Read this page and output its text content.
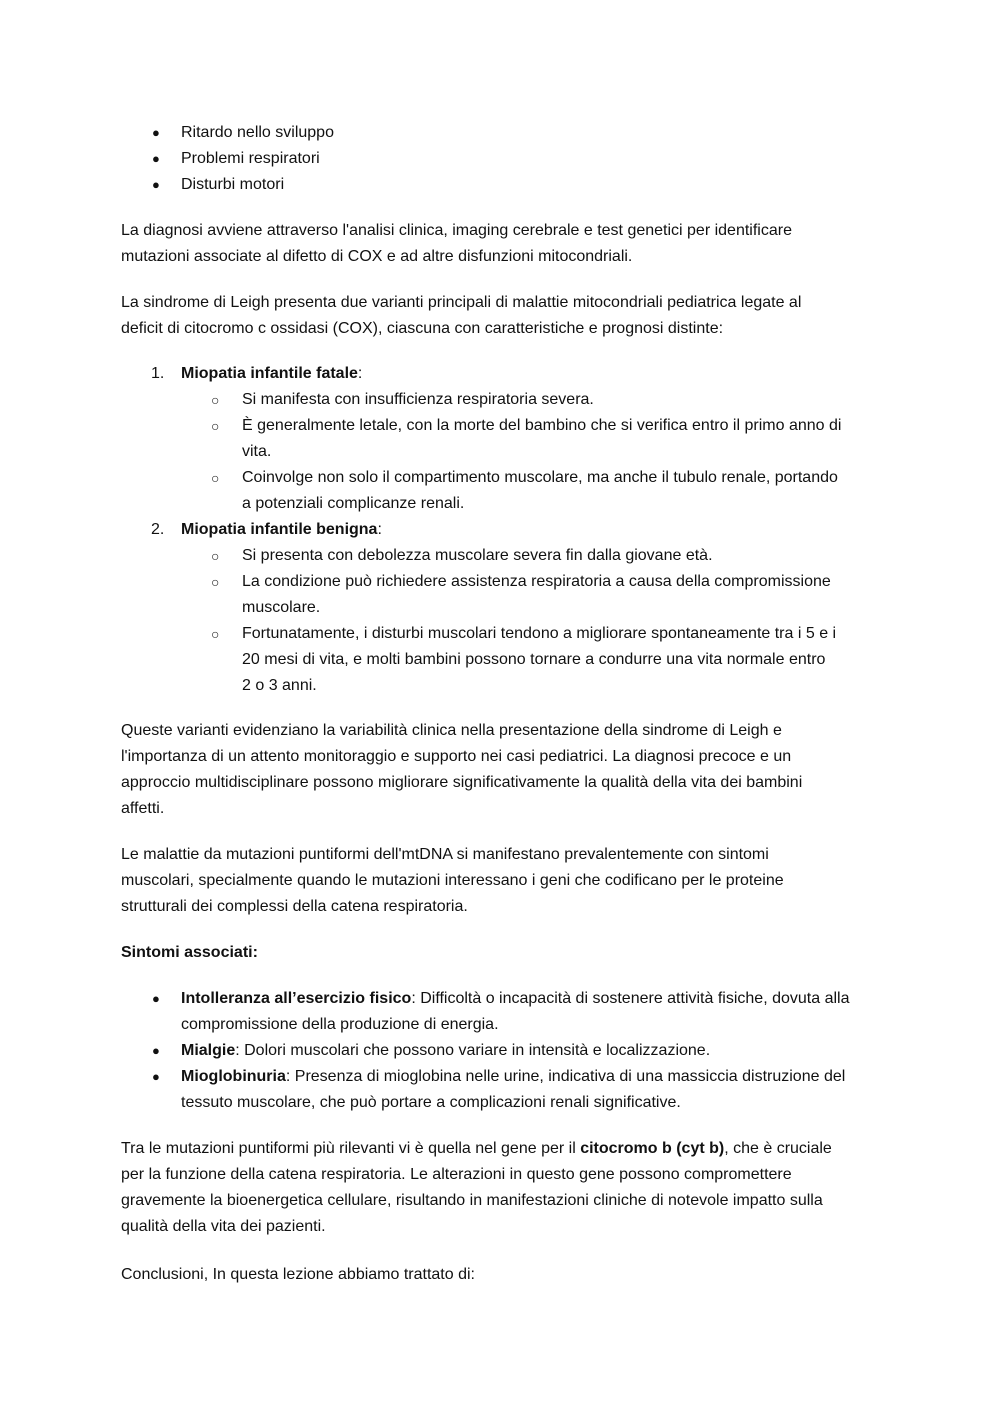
●	Ritardo nello sviluppo
●	Problemi respiratori
●	Disturbi motori
La diagnosi avviene attraverso l'analisi clinica, imaging cerebrale e test genetici per identificare
mutazioni associate al difetto di COX e ad altre disfunzioni mitocondriali.
La sindrome di Leigh presenta due varianti principali di malattie mitocondriali pediatrica legate al
deficit di citocromo c ossidasi (COX), ciascuna con caratteristiche e prognosi distinte:
1.	Miopatia infantile fatale:
○	Si manifesta con insufficienza respiratoria severa.
○	È generalmente letale, con la morte del bambino che si verifica entro il primo anno di
vita.
○	Coinvolge non solo il compartimento muscolare, ma anche il tubulo renale, portando
a potenziali complicanze renali.
2.	Miopatia infantile benigna:
○	Si presenta con debolezza muscolare severa fin dalla giovane età.
○	La condizione può richiedere assistenza respiratoria a causa della compromissione
muscolare.
○	Fortunatamente, i disturbi muscolari tendono a migliorare spontaneamente tra i 5 e i
20 mesi di vita, e molti bambini possono tornare a condurre una vita normale entro
2 o 3 anni.
Queste varianti evidenziano la variabilità clinica nella presentazione della sindrome di Leigh e
l'importanza di un attento monitoraggio e supporto nei casi pediatrici. La diagnosi precoce e un
approccio multidisciplinare possono migliorare significativamente la qualità della vita dei bambini
affetti.
Le malattie da mutazioni puntiformi dell'mtDNA si manifestano prevalentemente con sintomi
muscolari, specialmente quando le mutazioni interessano i geni che codificano per le proteine
strutturali dei complessi della catena respiratoria.
Sintomi associati:
●	Intolleranza all’esercizio fisico: Difficoltà o incapacità di sostenere attività fisiche, dovuta alla
compromissione della produzione di energia.
●	Mialgie: Dolori muscolari che possono variare in intensità e localizzazione.
●	Mioglobinuria: Presenza di mioglobina nelle urine, indicativa di una massiccia distruzione del
tessuto muscolare, che può portare a complicazioni renali significative.
Tra le mutazioni puntiformi più rilevanti vi è quella nel gene per il citocromo b (cyt b), che è cruciale
per la funzione della catena respiratoria. Le alterazioni in questo gene possono compromettere
gravemente la bioenergetica cellulare, risultando in manifestazioni cliniche di notevole impatto sulla
qualità della vita dei pazienti.
Conclusioni, In questa lezione abbiamo trattato di:
